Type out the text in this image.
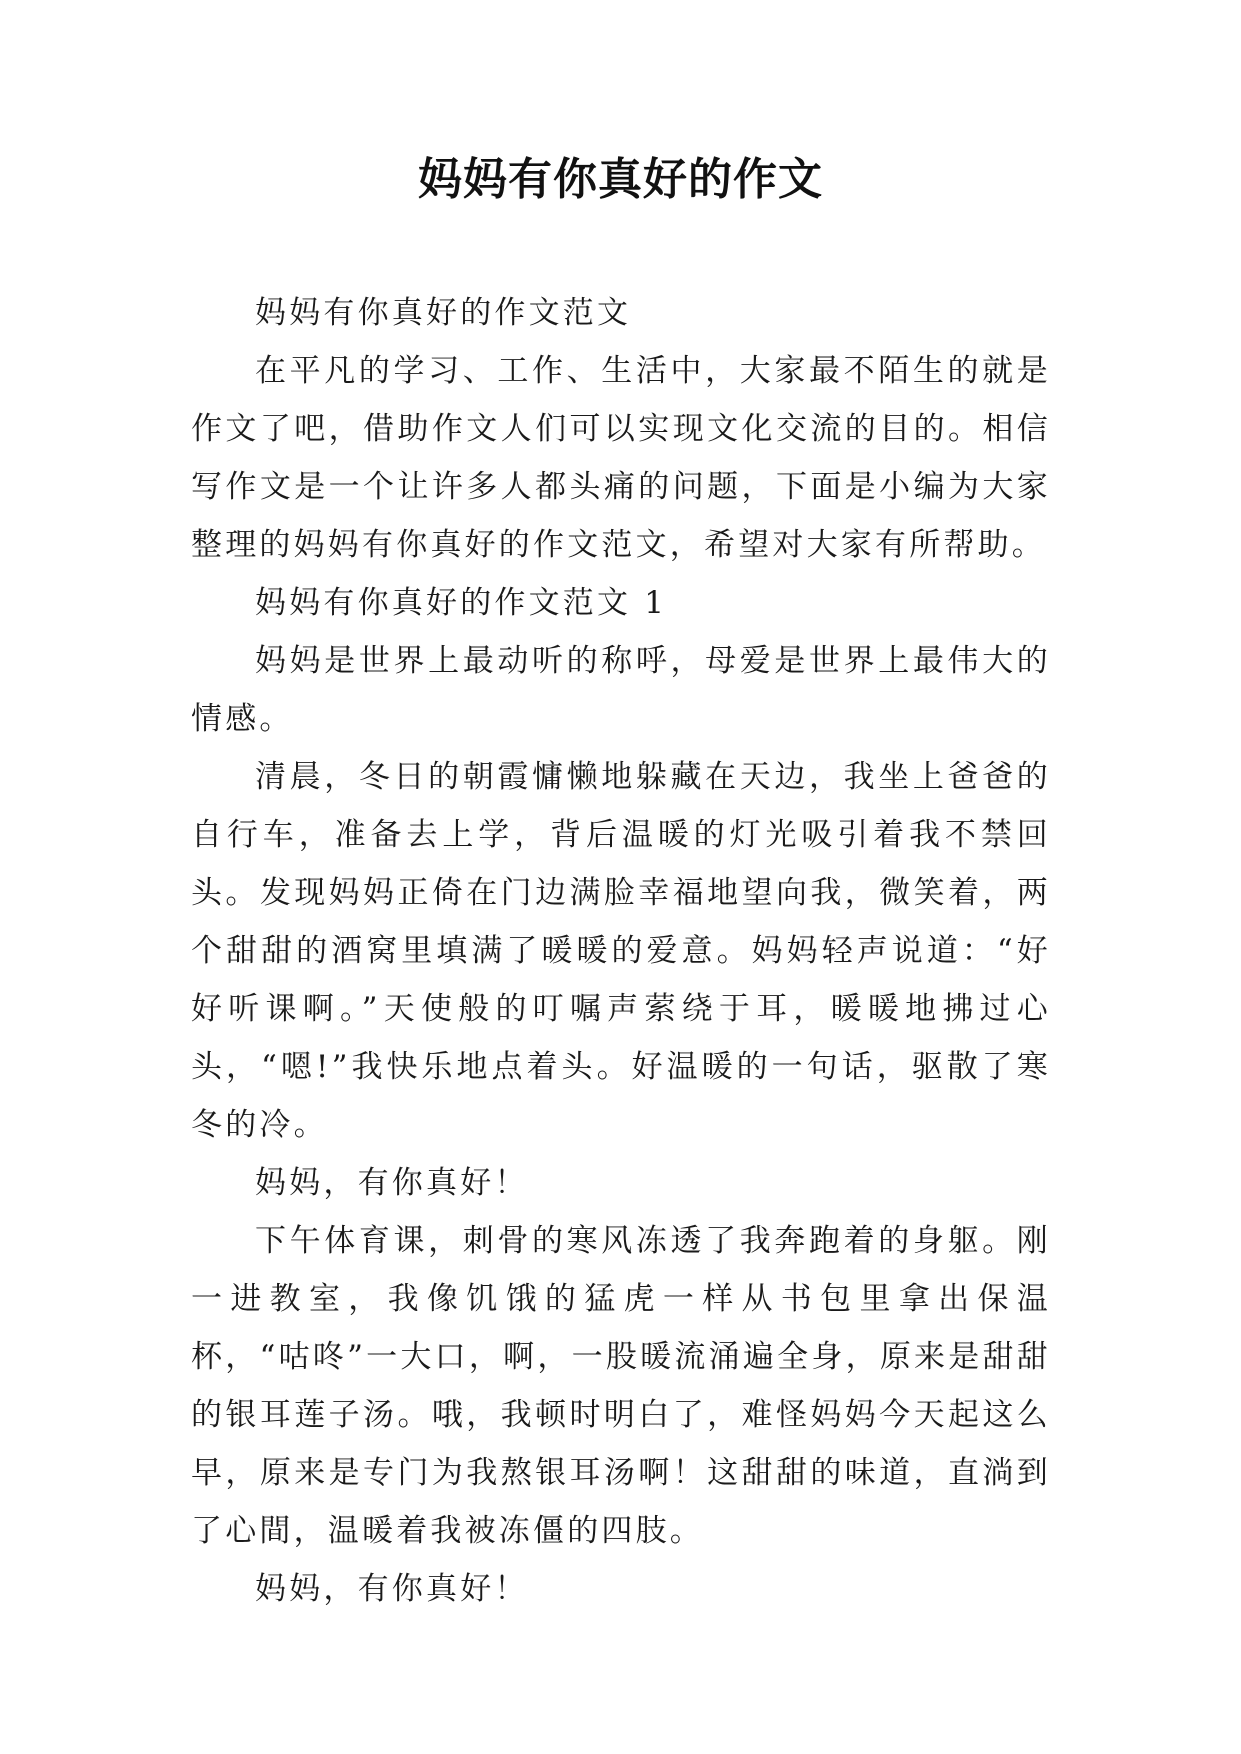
妈妈有你真好的作文

妈妈有你真好的作文范文

在平凡的学习、工作、生活中，大家最不陌生的就是作文了吧，借助作文人们可以实现文化交流的目的。相信写作文是一个让许多人都头痛的问题，下面是小编为大家整理的妈妈有你真好的作文范文，希望对大家有所帮助。

妈妈有你真好的作文范文 1

妈妈是世界上最动听的称呼，母爱是世界上最伟大的情感。

清晨，冬日的朝霞慵懒地躲藏在天边，我坐上爸爸的自行车，准备去上学，背后温暖的灯光吸引着我不禁回头。发现妈妈正倚在门边满脸幸福地望向我，微笑着，两个甜甜的酒窝里填满了暖暖的爱意。妈妈轻声说道：“好好听课啊。”天使般的叮嘱声萦绕于耳，暖暖地拂过心头，“嗯!”我快乐地点着头。好温暖的一句话，驱散了寒冬的冷。

妈妈，有你真好！

下午体育课，刺骨的寒风冻透了我奔跑着的身躯。刚一进教室，我像饥饿的猛虎一样从书包里拿出保温杯，“咕咚”一大口，啊，一股暖流涌遍全身，原来是甜甜的银耳莲子汤。哦，我顿时明白了，难怪妈妈今天起这么早，原来是专门为我熬银耳汤啊！这甜甜的味道，直淌到了心間，温暖着我被冻僵的四肢。

妈妈，有你真好！
